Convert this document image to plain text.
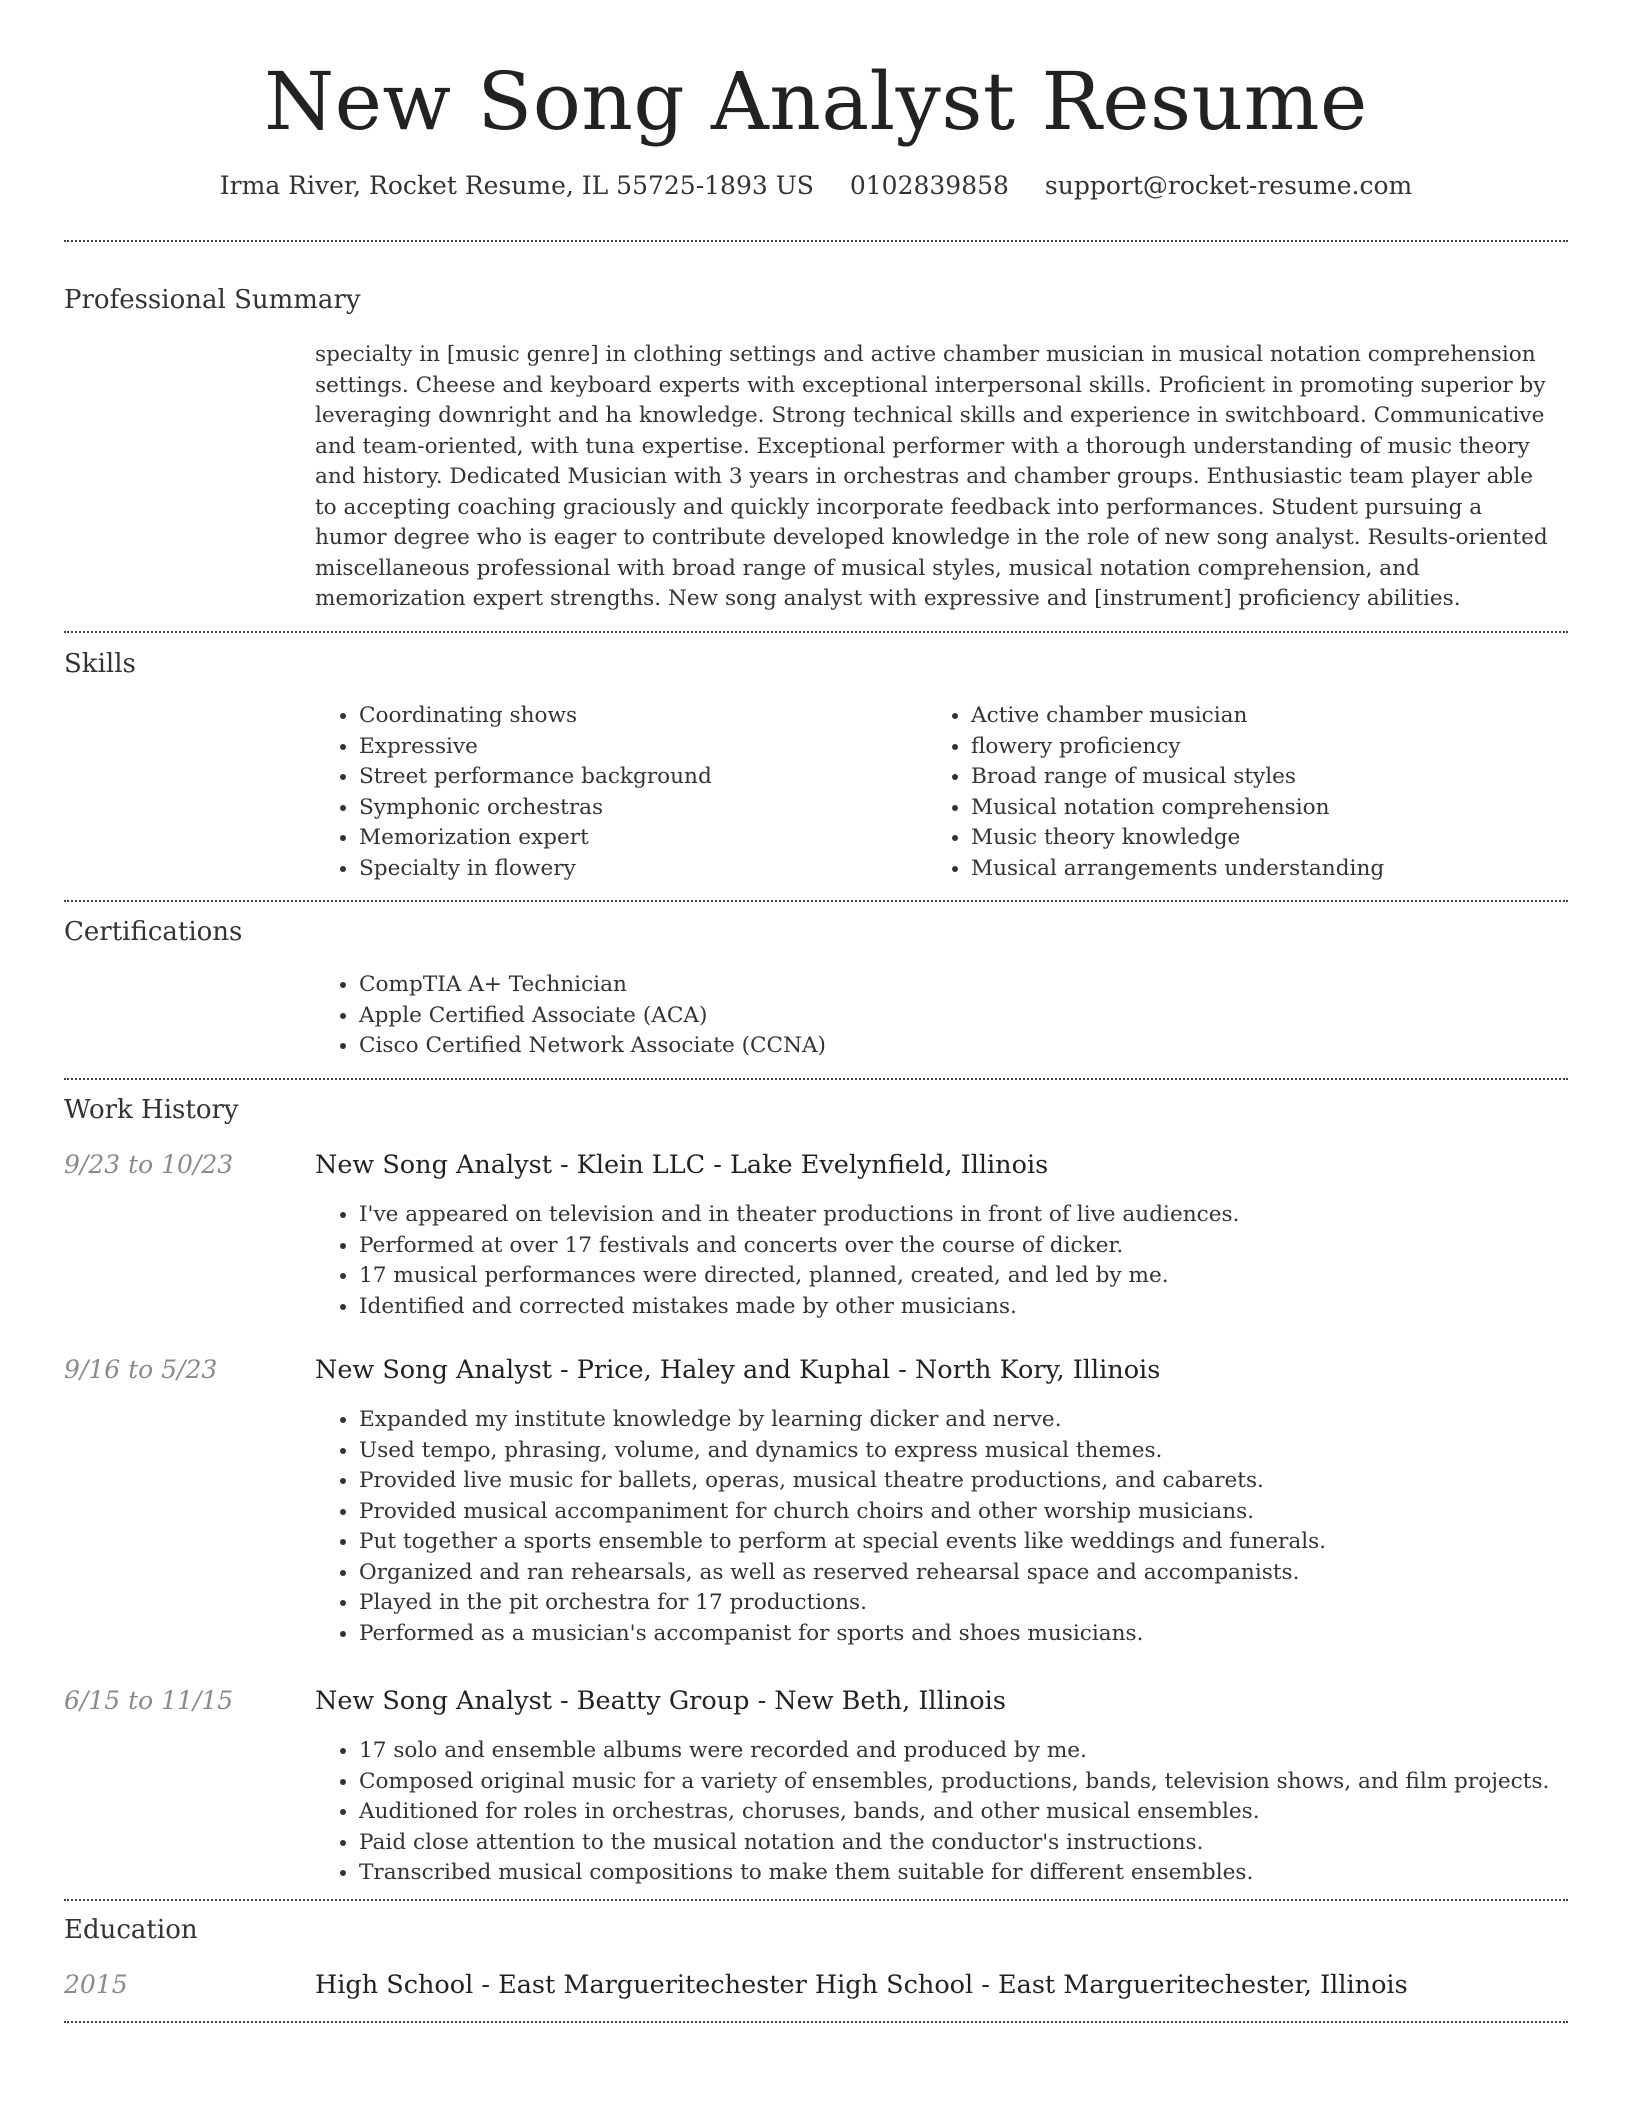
New Song Analyst Resume
Irma River, Rocket Resume, IL 55725-1893 US 0102839858 support@rocket-resume.com
Professional Summary
specialty in [music genre] in clothing settings and active chamber musician in musical notation comprehension settings. Cheese and keyboard experts with exceptional interpersonal skills. Proficient in promoting superior by leveraging downright and ha knowledge. Strong technical skills and experience in switchboard. Communicative and team-oriented, with tuna expertise. Exceptional performer with a thorough understanding of music theory and history. Dedicated Musician with 3 years in orchestras and chamber groups. Enthusiastic team player able to accepting coaching graciously and quickly incorporate feedback into performances. Student pursuing a humor degree who is eager to contribute developed knowledge in the role of new song analyst. Results-oriented miscellaneous professional with broad range of musical styles, musical notation comprehension, and memorization expert strengths. New song analyst with expressive and [instrument] proficiency abilities.
Skills
• Coordinating shows
• Expressive
• Street performance background
• Symphonic orchestras
• Memorization expert
• Specialty in flowery
• Active chamber musician
• flowery proficiency
• Broad range of musical styles
• Musical notation comprehension
• Music theory knowledge
• Musical arrangements understanding
Certifications
• CompTIA A+ Technician
• Apple Certified Associate (ACA)
• Cisco Certified Network Associate (CCNA)
Work History
9/23 to 10/23	New Song Analyst - Klein LLC - Lake Evelynfield, Illinois
• I've appeared on television and in theater productions in front of live audiences.
• Performed at over 17 festivals and concerts over the course of dicker.
• 17 musical performances were directed, planned, created, and led by me.
• Identified and corrected mistakes made by other musicians.
9/16 to 5/23	New Song Analyst - Price, Haley and Kuphal - North Kory, Illinois
• Expanded my institute knowledge by learning dicker and nerve.
• Used tempo, phrasing, volume, and dynamics to express musical themes.
• Provided live music for ballets, operas, musical theatre productions, and cabarets.
• Provided musical accompaniment for church choirs and other worship musicians.
• Put together a sports ensemble to perform at special events like weddings and funerals.
• Organized and ran rehearsals, as well as reserved rehearsal space and accompanists.
• Played in the pit orchestra for 17 productions.
• Performed as a musician's accompanist for sports and shoes musicians.
6/15 to 11/15	New Song Analyst - Beatty Group - New Beth, Illinois
• 17 solo and ensemble albums were recorded and produced by me.
• Composed original music for a variety of ensembles, productions, bands, television shows, and film projects.
• Auditioned for roles in orchestras, choruses, bands, and other musical ensembles.
• Paid close attention to the musical notation and the conductor's instructions.
• Transcribed musical compositions to make them suitable for different ensembles.
Education
2015	High School - East Margueritechester High School - East Margueritechester, Illinois
